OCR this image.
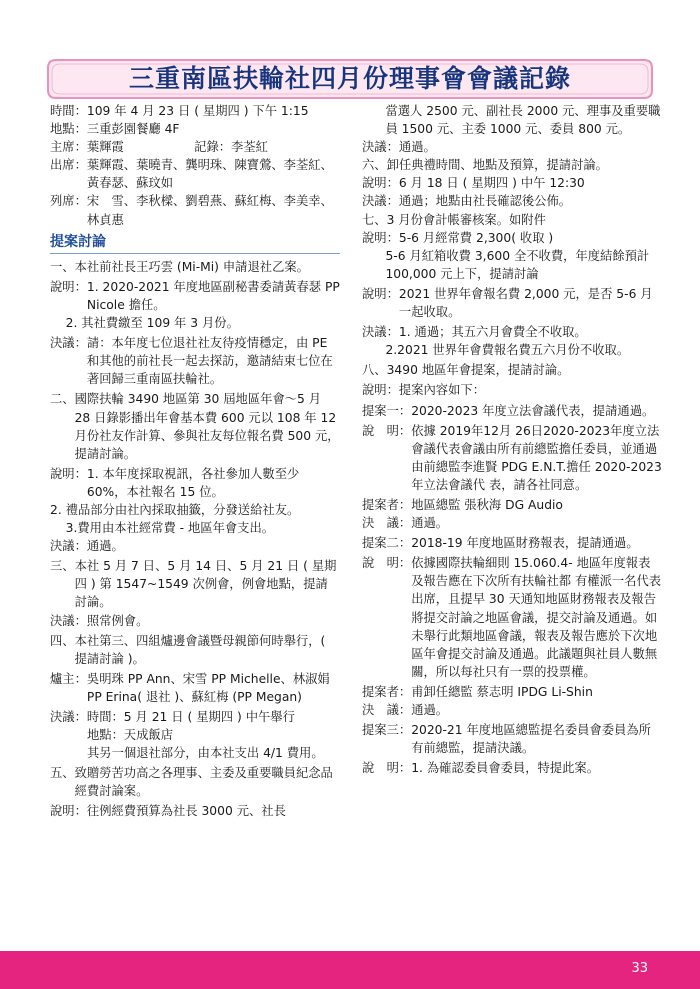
三重南區扶輪社四月份理事會會議記錄
時間： 109 年 4 月 23 日 ( 星期四 ) 下午 1:15
地點： 三重彭園餐廳 4F
主席： 葉輝霞                  記錄：李荃紅
出席： 葉輝霞、葉曉青、龔明珠、陳寶鶯、李荃紅、黃春瑟、蘇玟如
列席： 宋　雪、李秋樑、劉碧燕、蘇紅梅、李美幸、林貞惠
提案討論
一、 本社前社長王巧雲 (Mi-Mi) 申請退社乙案。
說明： 1. 2020-2021 年度地區副秘書委請黃春瑟 PP Nicole 擔任。
2. 其社費繳至 109 年 3 月份。
決議： 請：本年度七位退社社友待疫情穩定，由 PE 和其他的前社長一起去探訪，邀請結束七位在著回歸三重南區扶輪社。
二、 國際扶輪 3490 地區第 30 屆地區年會～5 月 28 日錄影播出年會基本費 600 元以 108 年 12 月份社友作計算、參與社友每位報名費 500 元，提請討論。
說明： 1. 本年度採取視訊，各社參加人數至少 60%，本社報名 15 位。
2. 禮品部分由社內採取抽籤，分發送給社友。
3.費用由本社經常費 - 地區年會支出。
決議： 通過。
三、 本社 5 月 7 日、5 月 14 日、5 月 21 日 ( 星期四 ) 第 1547~1549 次例會，例會地點，提請討論。
決議： 照常例會。
四、 本社第三、四組爐邊會議暨母親節何時舉行，( 提請討論 )。
爐主： 吳明珠 PP Ann、宋雪 PP Michelle、林淑娟 PP Erina( 退社 )、蘇紅梅 (PP Megan)
決議： 時間：5 月 21 日 ( 星期四 ) 中午舉行
地點：天成飯店
其另一個退社部分，由本社支出 4/1 費用。
五、 致贈勞苦功高之各理事、主委及重要職員紀念品經費討論案。
說明： 往例經費預算為社長 3000 元、社長

當選人 2500 元、副社長 2000 元、理事及重要職員 1500 元、主委 1000 元、委員 800 元。
決議： 通過。
六、 卸任典禮時間、地點及預算，提請討論。
說明： 6 月 18 日 ( 星期四 ) 中午 12:30
決議： 通過；地點由社長確認後公佈。
七、 3 月份會計帳審核案。如附件
說明： 5-6 月經常費 2,300( 收取 )

5-6 月紅箱收費 3,600 全不收費，年度結餘預計 100,000 元上下，提請討論
說明： 2021 世界年會報名費 2,000 元，是否 5-6 月一起收取。
決議： 1. 通過；其五六月會費全不收取。

2.2021 世界年會費報名費五六月份不收取。
八、 3490 地區年會提案，提請討論。
說明： 提案內容如下：
提案一： 2020-2023 年度立法會議代表，提請通過。
說　明： 依據 2019年12月 26日2020-2023年度立法會議代表會議由所有前總監擔任委員，並通過由前總監李進賢 PDG E.N.T.擔任 2020-2023年立法會議代 表，請各社同意。
提案者： 地區總監 張秋海 DG Audio
決　議： 通過。
提案二： 2018-19 年度地區財務報表，提請通過。
說　明： 依據國際扶輪細則 15.060.4- 地區年度報表及報告應在下次所有扶輪社都 有權派一名代表出席，且提早 30 天通知地區財務報表及報告將提交討論之地區會議，提交討論及通過。如未舉行此類地區會議，報表及報告應於下次地區年會提交討論及通過。此議題與社員人數無關，所以每社只有一票的投票權。
提案者： 甫卸任總監 蔡志明 IPDG Li-Shin
決　議： 通過。
提案三： 2020-21 年度地區總監提名委員會委員為所有前總監，提請決議。
說　明： 1. 為確認委員會委員，特提此案。
33
